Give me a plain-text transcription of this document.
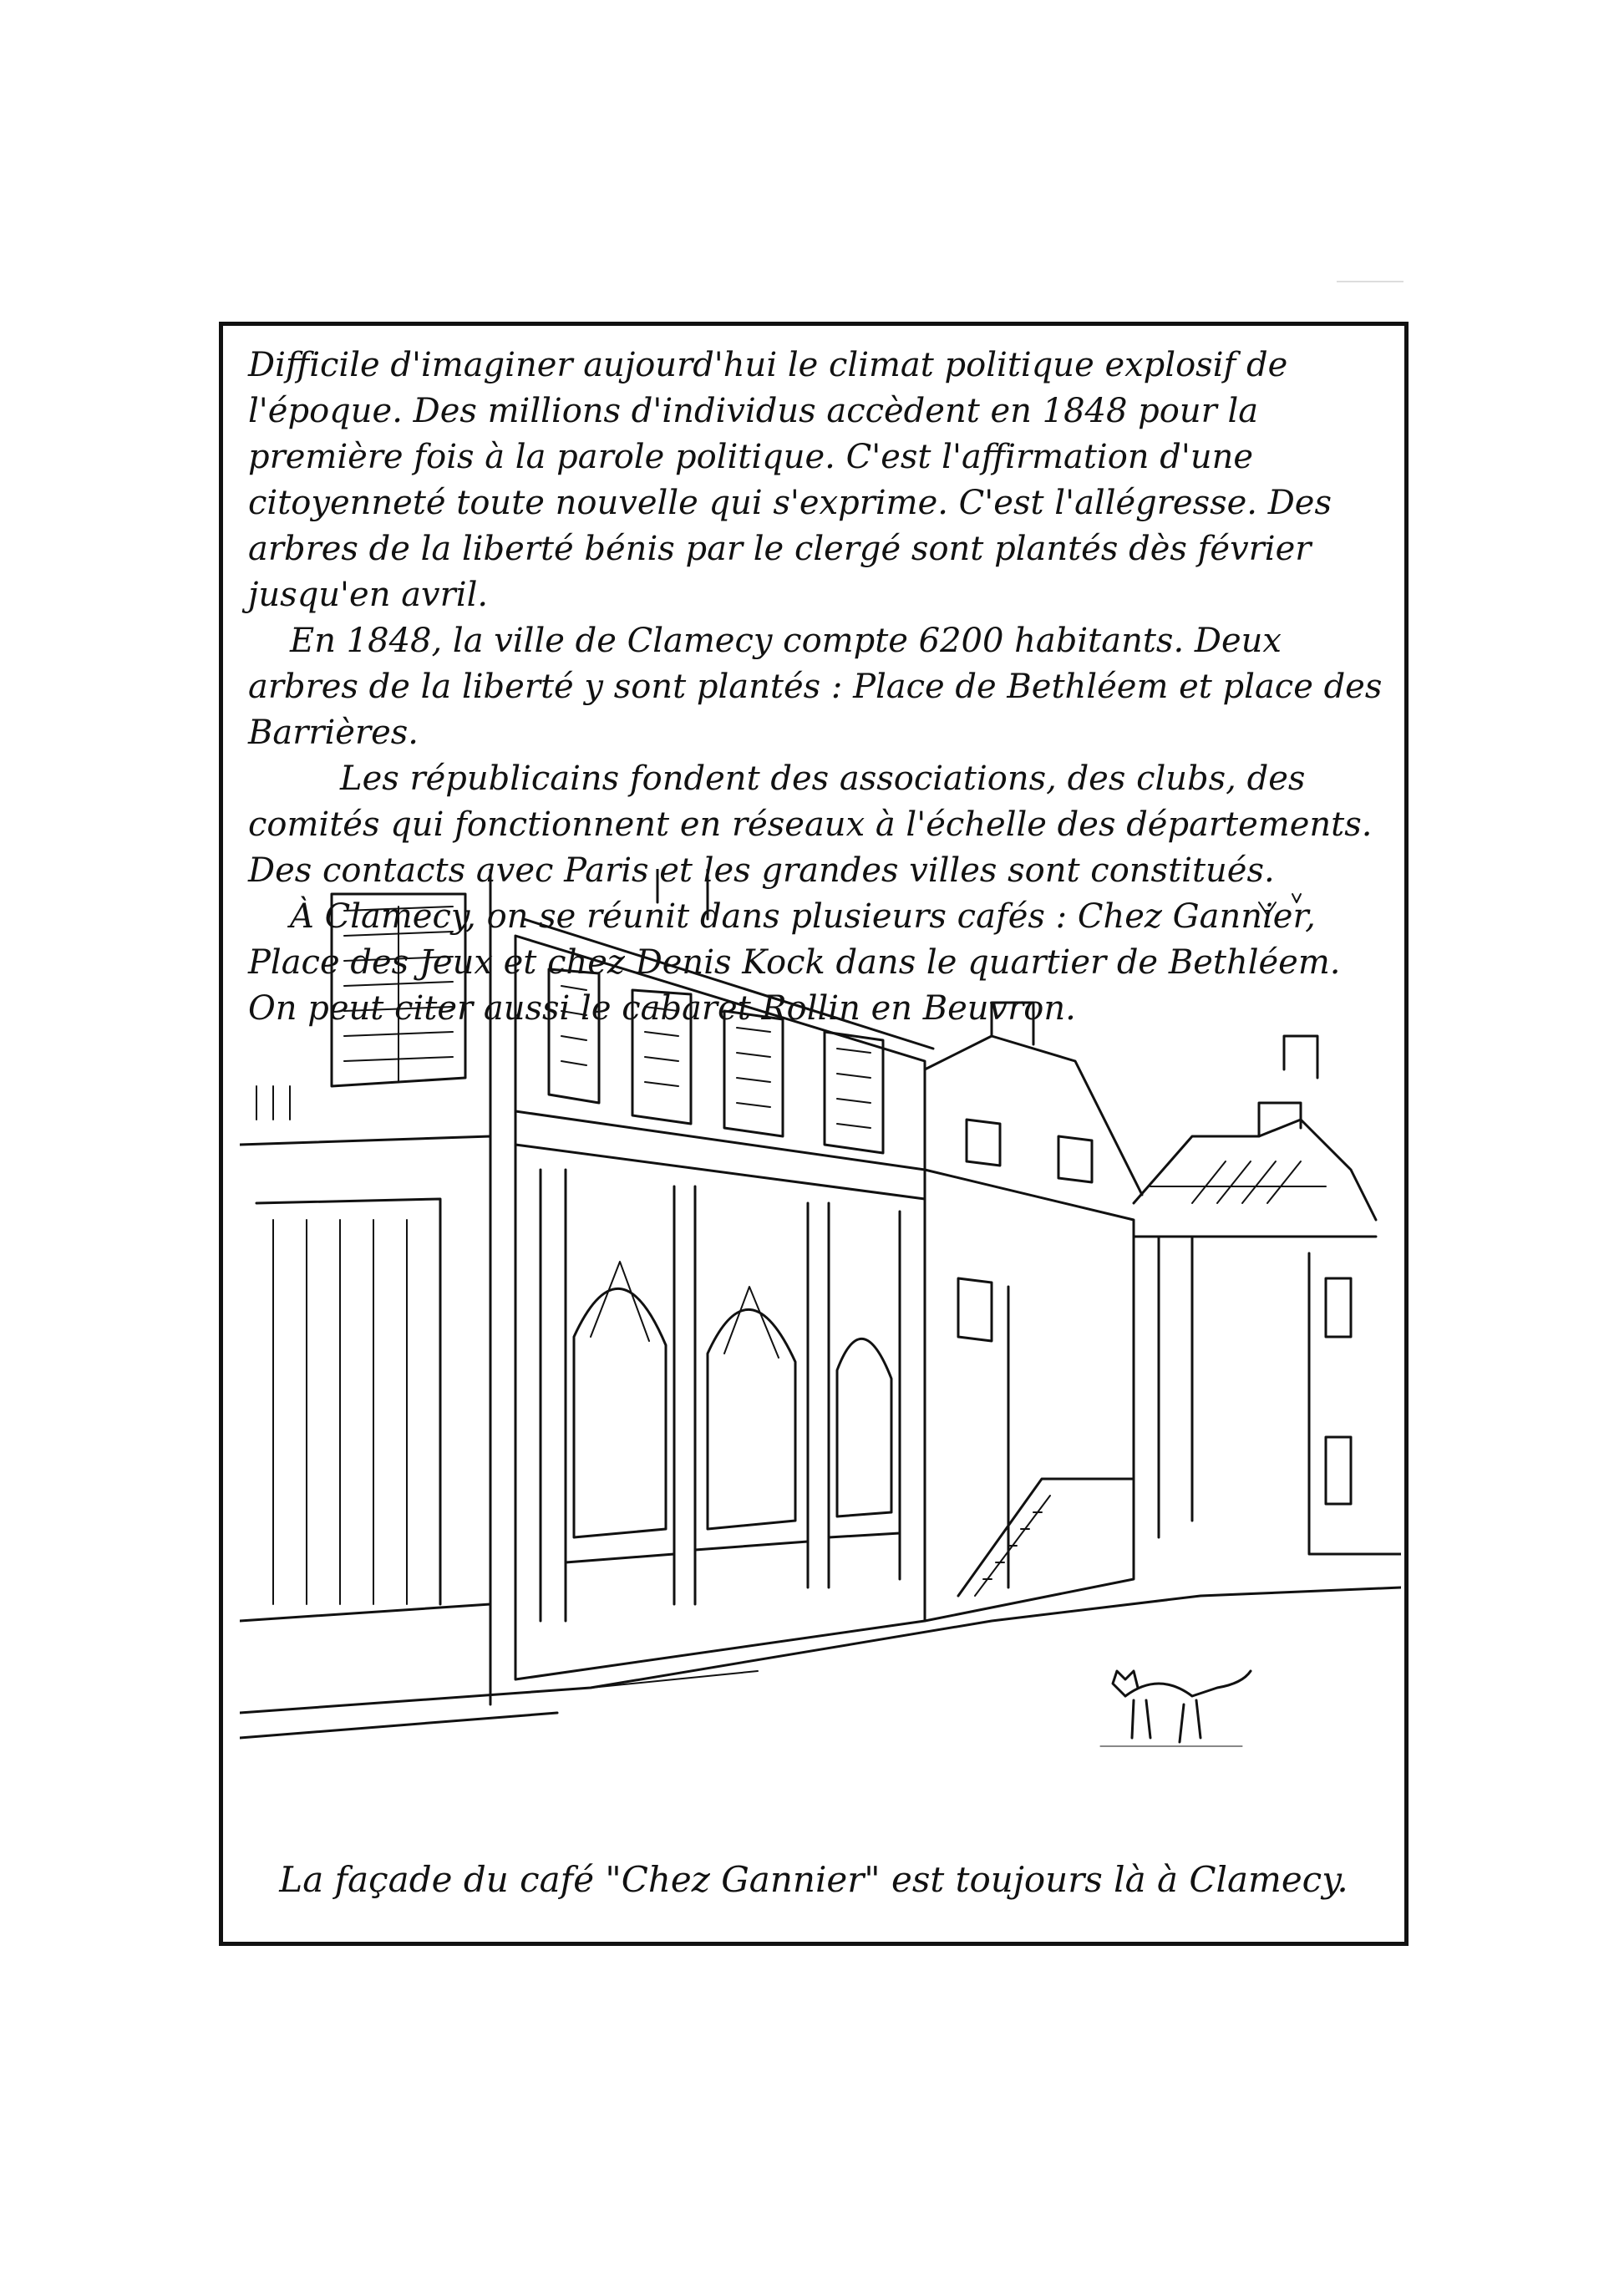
Difficile d'imaginer aujourd'hui le climat politique explosif de l'époque. Des millions d'individus accèdent en 1848 pour la première fois à la parole politique. C'est l'affirmation d'une citoyenneté toute nouvelle qui s'exprime. C'est l'allégresse. Des arbres de la liberté bénis par le clergé sont plantés dès février jusqu'en avril.

En 1848, la ville de Clamecy compte 6200 habitants. Deux arbres de la liberté y sont plantés : Place de Bethléem et place des Barrières.

Les républicains fondent des associations, des clubs, des comités qui fonctionnent en réseaux à l'échelle des départements. Des contacts avec Paris et les grandes villes sont constitués.

À Clamecy, on se réunit dans plusieurs cafés : Chez Gannier, Place des Jeux et chez Denis Kock dans le quartier de Bethléem. On peut citer aussi le cabaret Rollin en Beuvron.

La façade du café "Chez Gannier" est toujours là à Clamecy.
